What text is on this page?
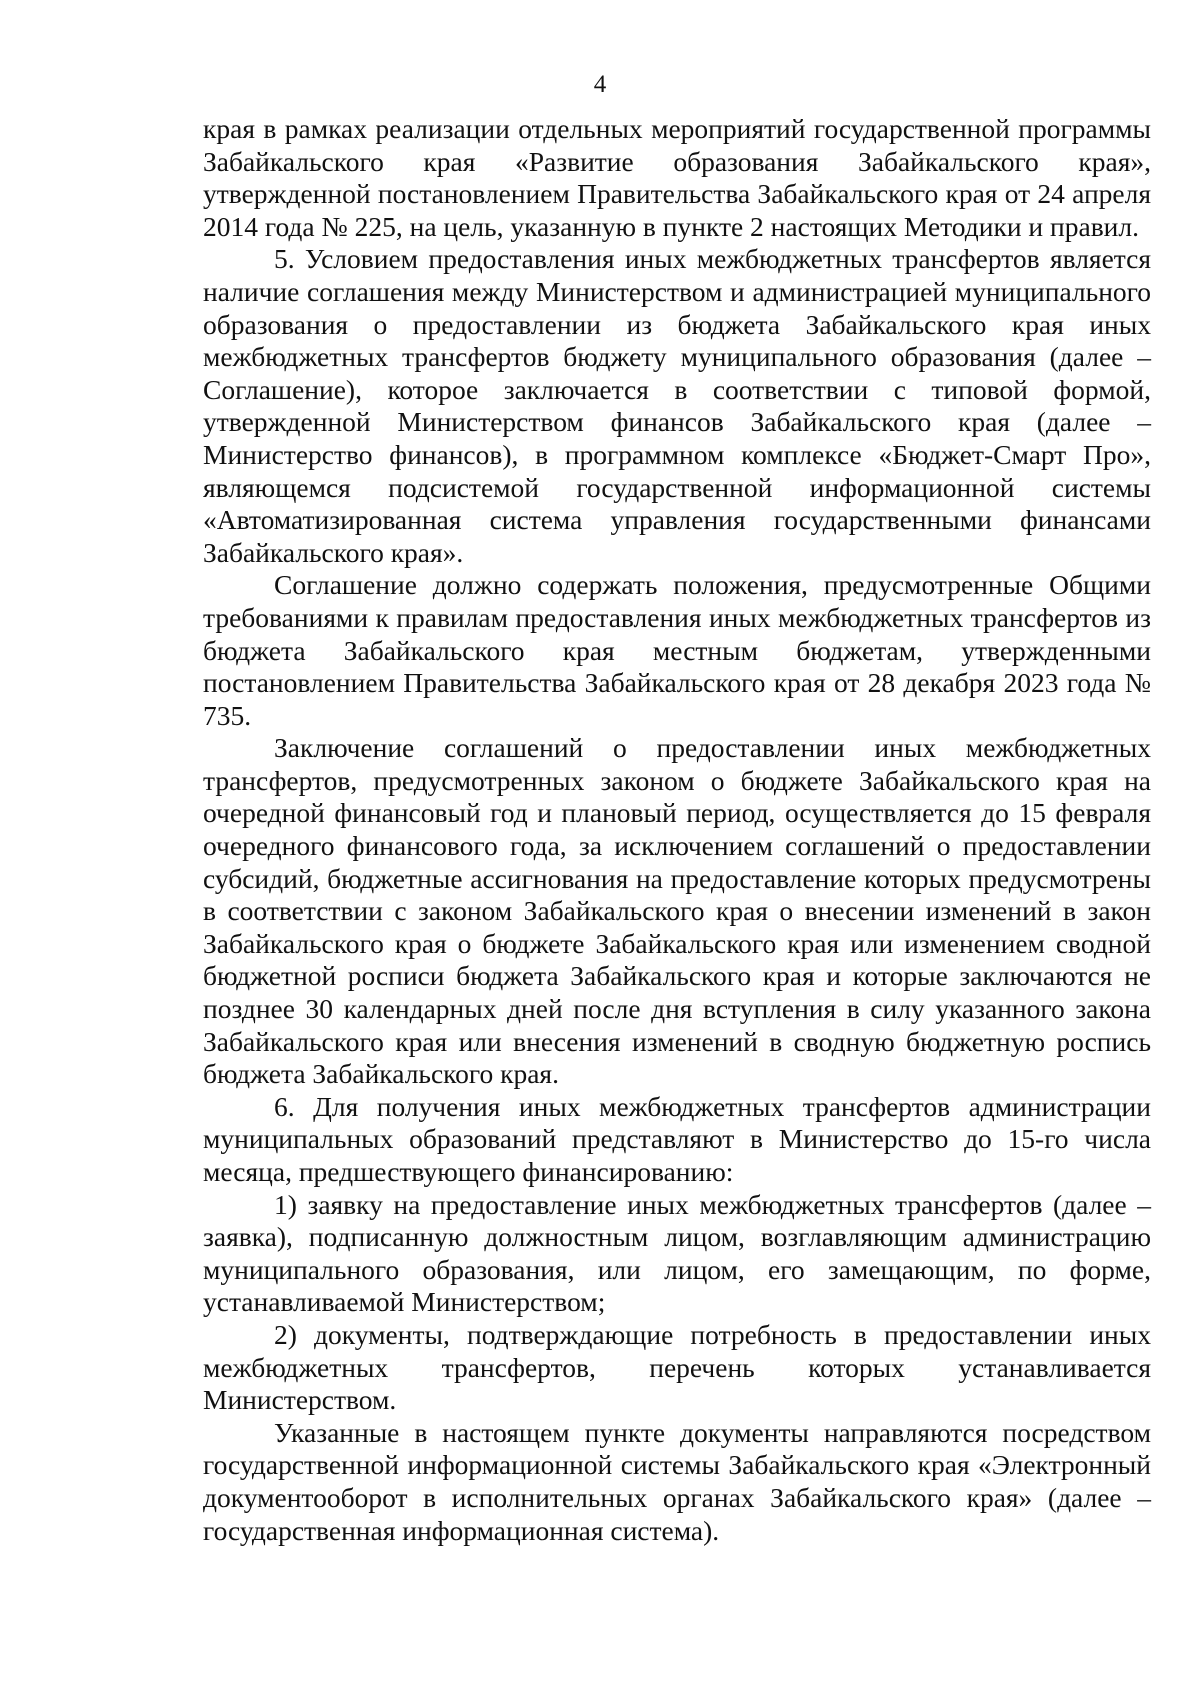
4

края в рамках реализации отдельных мероприятий государственной программы Забайкальского края «Развитие образования Забайкальского края», утвержденной постановлением Правительства Забайкальского края от 24 апреля 2014 года № 225, на цель, указанную в пункте 2 настоящих Методики и правил.

5. Условием предоставления иных межбюджетных трансфертов является наличие соглашения между Министерством и администрацией муниципального образования о предоставлении из бюджета Забайкальского края иных межбюджетных трансфертов бюджету муниципального образования (далее – Соглашение), которое заключается в соответствии с типовой формой, утвержденной Министерством финансов Забайкальского края (далее – Министерство финансов), в программном комплексе «Бюджет-Смарт Про», являющемся подсистемой государственной информационной системы «Автоматизированная система управления государственными финансами Забайкальского края».

Соглашение должно содержать положения, предусмотренные Общими требованиями к правилам предоставления иных межбюджетных трансфертов из бюджета Забайкальского края местным бюджетам, утвержденными постановлением Правительства Забайкальского края от 28 декабря 2023 года № 735.

Заключение соглашений о предоставлении иных межбюджетных трансфертов, предусмотренных законом о бюджете Забайкальского края на очередной финансовый год и плановый период, осуществляется до 15 февраля очередного финансового года, за исключением соглашений о предоставлении субсидий, бюджетные ассигнования на предоставление которых предусмотрены в соответствии с законом Забайкальского края о внесении изменений в закон Забайкальского края о бюджете Забайкальского края или изменением сводной бюджетной росписи бюджета Забайкальского края и которые заключаются не позднее 30 календарных дней после дня вступления в силу указанного закона Забайкальского края или внесения изменений в сводную бюджетную роспись бюджета Забайкальского края.

6. Для получения иных межбюджетных трансфертов администрации муниципальных образований представляют в Министерство до 15-го числа месяца, предшествующего финансированию:

1) заявку на предоставление иных межбюджетных трансфертов (далее – заявка), подписанную должностным лицом, возглавляющим администрацию муниципального образования, или лицом, его замещающим, по форме, устанавливаемой Министерством;

2) документы, подтверждающие потребность в предоставлении иных межбюджетных трансфертов, перечень которых устанавливается Министерством.

Указанные в настоящем пункте документы направляются посредством государственной информационной системы Забайкальского края «Электронный документооборот в исполнительных органах Забайкальского края» (далее – государственная информационная система).
